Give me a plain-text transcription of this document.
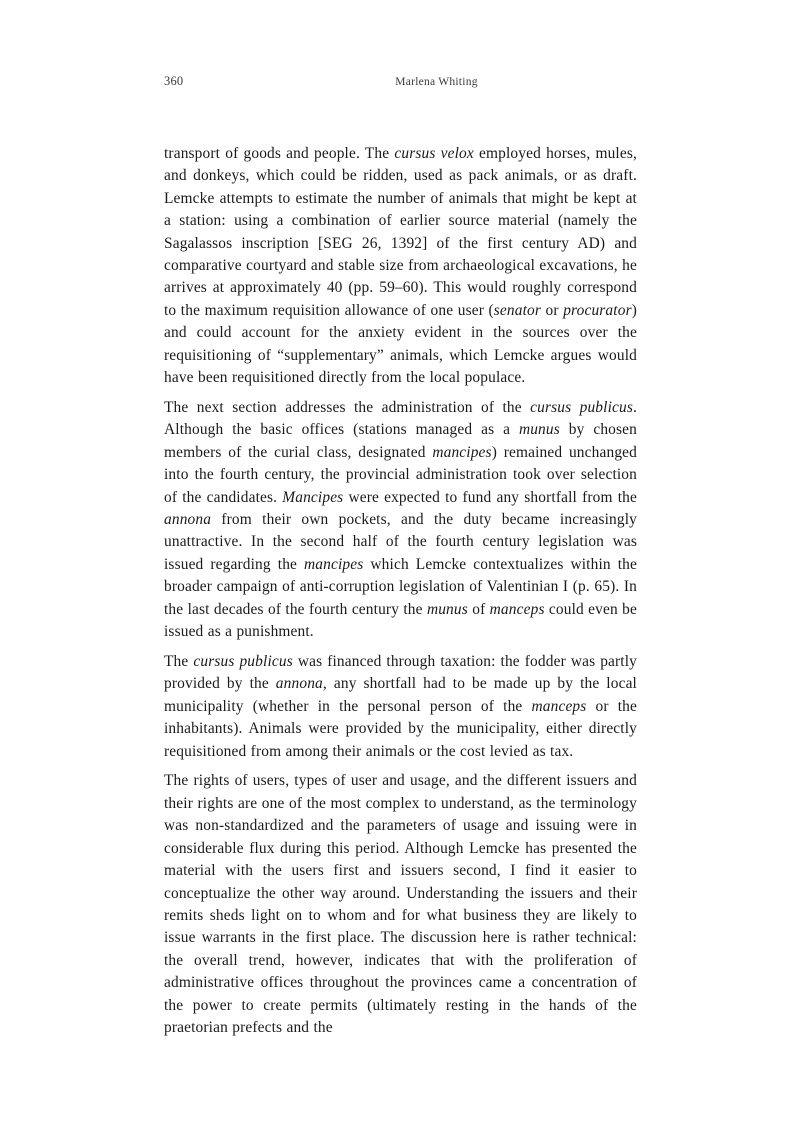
360	Marlena Whiting

transport of goods and people. The cursus velox employed horses, mules, and donkeys, which could be ridden, used as pack animals, or as draft. Lemcke attempts to estimate the number of animals that might be kept at a station: using a combination of earlier source material (namely the Sagalassos inscription [SEG 26, 1392] of the first century AD) and comparative courtyard and stable size from archaeological excavations, he arrives at approximately 40 (pp. 59–60). This would roughly correspond to the maximum requisition allowance of one user (senator or procurator) and could account for the anxiety evident in the sources over the requisitioning of “supplementary” animals, which Lemcke argues would have been requisitioned directly from the local populace.

The next section addresses the administration of the cursus publicus. Although the basic offices (stations managed as a munus by chosen members of the curial class, designated mancipes) remained unchanged into the fourth century, the provincial administration took over selection of the candidates. Mancipes were expected to fund any shortfall from the annona from their own pockets, and the duty became increasingly unattractive. In the second half of the fourth century legislation was issued regarding the mancipes which Lemcke contextualizes within the broader campaign of anti-corruption legislation of Valentinian I (p. 65). In the last decades of the fourth century the munus of manceps could even be issued as a punishment.

The cursus publicus was financed through taxation: the fodder was partly provided by the annona, any shortfall had to be made up by the local municipality (whether in the personal person of the manceps or the inhabitants). Animals were provided by the municipality, either directly requisitioned from among their animals or the cost levied as tax.

The rights of users, types of user and usage, and the different issuers and their rights are one of the most complex to understand, as the terminology was non-standardized and the parameters of usage and issuing were in considerable flux during this period. Although Lemcke has presented the material with the users first and issuers second, I find it easier to conceptualize the other way around. Understanding the issuers and their remits sheds light on to whom and for what business they are likely to issue warrants in the first place. The discussion here is rather technical: the overall trend, however, indicates that with the proliferation of administrative offices throughout the provinces came a concentration of the power to create permits (ultimately resting in the hands of the praetorian prefects and the
